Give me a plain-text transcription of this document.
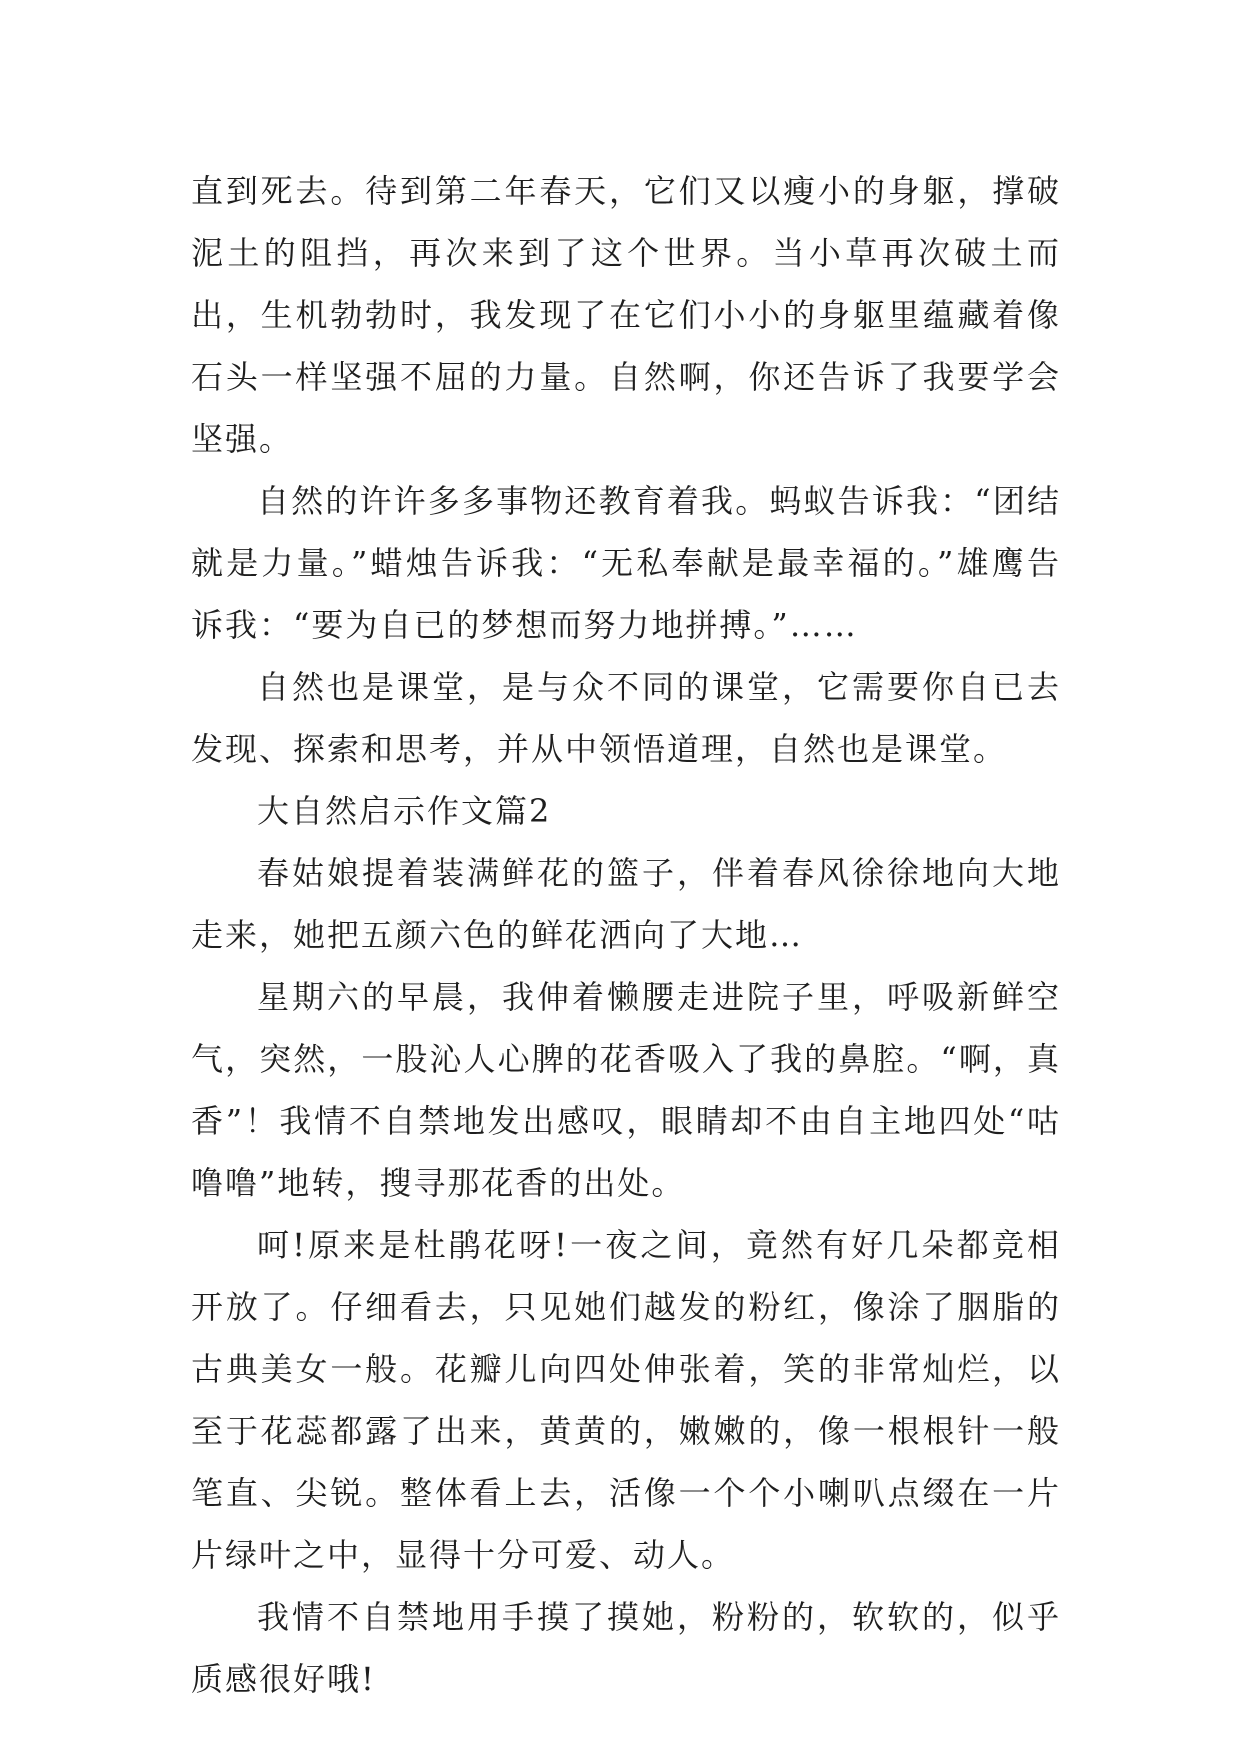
直到死去。待到第二年春天，它们又以瘦小的身躯，撑破泥土的阻挡，再次来到了这个世界。当小草再次破土而出，生机勃勃时，我发现了在它们小小的身躯里蕴藏着像石头一样坚强不屈的力量。自然啊，你还告诉了我要学会坚强。

自然的许许多多事物还教育着我。蚂蚁告诉我：“团结就是力量。”蜡烛告诉我：“无私奉献是最幸福的。”雄鹰告诉我：“要为自已的梦想而努力地拼搏。”……

自然也是课堂，是与众不同的课堂，它需要你自已去发现、探索和思考，并从中领悟道理，自然也是课堂。

大自然启示作文篇2

春姑娘提着装满鲜花的篮子，伴着春风徐徐地向大地走来，她把五颜六色的鲜花洒向了大地…

星期六的早晨，我伸着懒腰走进院子里，呼吸新鲜空气，突然，一股沁人心脾的花香吸入了我的鼻腔。“啊，真香”！我情不自禁地发出感叹，眼睛却不由自主地四处“咕噜噜”地转，搜寻那花香的出处。

呵!原来是杜鹃花呀!一夜之间，竟然有好几朵都竞相开放了。仔细看去，只见她们越发的粉红，像涂了胭脂的古典美女一般。花瓣儿向四处伸张着，笑的非常灿烂，以至于花蕊都露了出来，黄黄的，嫩嫩的，像一根根针一般笔直、尖锐。整体看上去，活像一个个小喇叭点缀在一片片绿叶之中，显得十分可爱、动人。

我情不自禁地用手摸了摸她，粉粉的，软软的，似乎质感很好哦!
